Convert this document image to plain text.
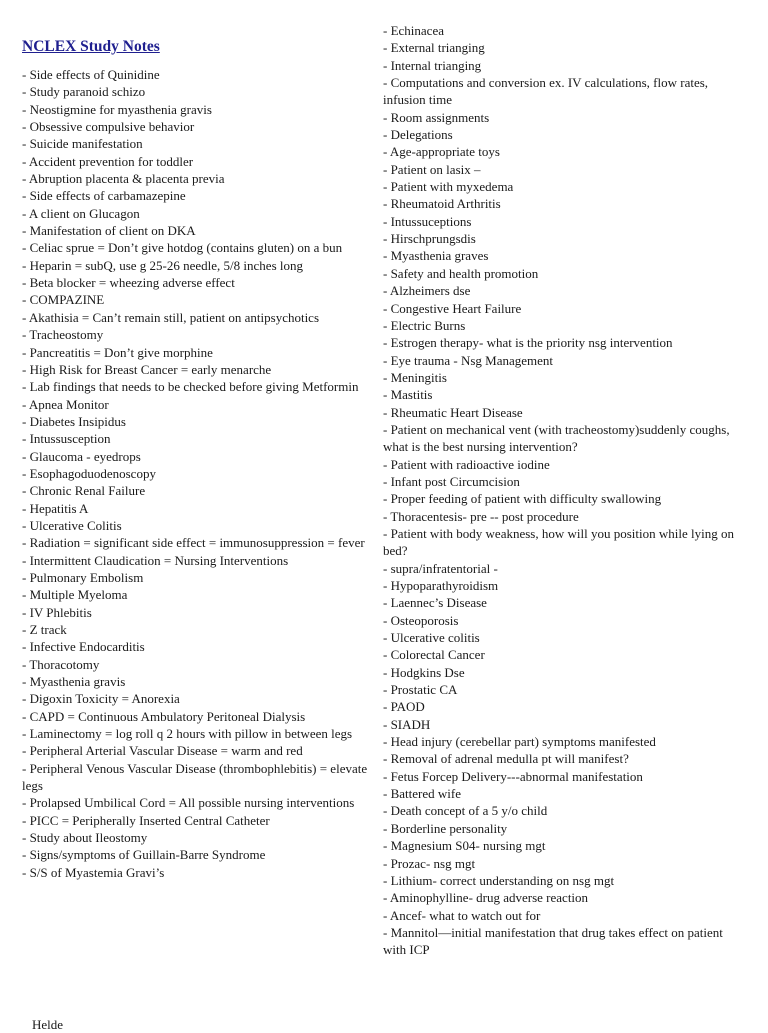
NCLEX Study Notes
- Side effects of Quinidine
- Study paranoid schizo
- Neostigmine for myasthenia gravis
- Obsessive compulsive behavior
- Suicide manifestation
- Accident prevention for toddler
- Abruption placenta & placenta previa
- Side effects of carbamazepine
- A client on Glucagon
- Manifestation of client on DKA
- Celiac sprue = Don’t give hotdog (contains gluten) on a bun
- Heparin = subQ, use g 25-26 needle, 5/8 inches long
- Beta blocker = wheezing adverse effect
- COMPAZINE
- Akathisia = Can’t remain still, patient on antipsychotics
- Tracheostomy
- Pancreatitis = Don’t give morphine
- High Risk for Breast Cancer = early menarche
- Lab findings that needs to be checked before giving Metformin
- Apnea Monitor
- Diabetes Insipidus
- Intussusception
- Glaucoma - eyedrops
- Esophagoduodenoscopy
- Chronic Renal Failure
- Hepatitis A
- Ulcerative Colitis
- Radiation = significant side effect = immunosuppression = fever
- Intermittent Claudication = Nursing Interventions
- Pulmonary Embolism
- Multiple Myeloma
- IV Phlebitis
- Z track
- Infective Endocarditis
- Thoracotomy
- Myasthenia gravis
- Digoxin Toxicity = Anorexia
- CAPD = Continuous Ambulatory Peritoneal Dialysis
- Laminectomy = log roll q 2 hours with pillow in between legs
- Peripheral Arterial Vascular Disease = warm and red
- Peripheral Venous Vascular Disease (thrombophlebitis) = elevate legs
- Prolapsed Umbilical Cord = All possible nursing interventions
- PICC = Peripherally Inserted Central Catheter
- Study about Ileostomy
- Signs/symptoms of Guillain-Barre Syndrome
- S/S of Myastemia Gravi’s
- Echinacea
- External trianging
- Internal trianging
- Computations and conversion ex. IV calculations, flow rates, infusion time
- Room assignments
- Delegations
- Age-appropriate toys
- Patient on lasix –
- Patient with myxedema
- Rheumatoid Arthritis
- Intussuceptions
- Hirschprungsdis
- Myasthenia graves
- Safety and health promotion
- Alzheimers dse
- Congestive Heart Failure
- Electric Burns
- Estrogen therapy- what is the priority nsg intervention
- Eye trauma - Nsg Management
- Meningitis
- Mastitis
- Rheumatic Heart Disease
- Patient on mechanical vent (with tracheostomy)suddenly coughs, what is the best nursing intervention?
- Patient with radioactive iodine
- Infant post Circumcision
- Proper feeding of patient with difficulty swallowing
- Thoracentesis- pre -- post procedure
- Patient with body weakness, how will you position while lying on bed?
- supra/infratentorial -
- Hypoparathyroidism
- Laennec’s Disease
- Osteoporosis
- Ulcerative colitis
- Colorectal Cancer
- Hodgkins Dse
- Prostatic CA
- PAOD
- SIADH
- Head injury (cerebellar part) symptoms manifested
- Removal of adrenal medulla pt will manifest?
- Fetus Forcep Delivery---abnormal manifestation
- Battered wife
- Death concept of a 5 y/o child
- Borderline personality
- Magnesium S04- nursing mgt
- Prozac- nsg mgt
- Lithium- correct understanding on nsg mgt
- Aminophylline- drug adverse reaction
- Ancef- what to watch out for
- Mannitol—initial manifestation that drug takes effect on patient with ICP
Helde
